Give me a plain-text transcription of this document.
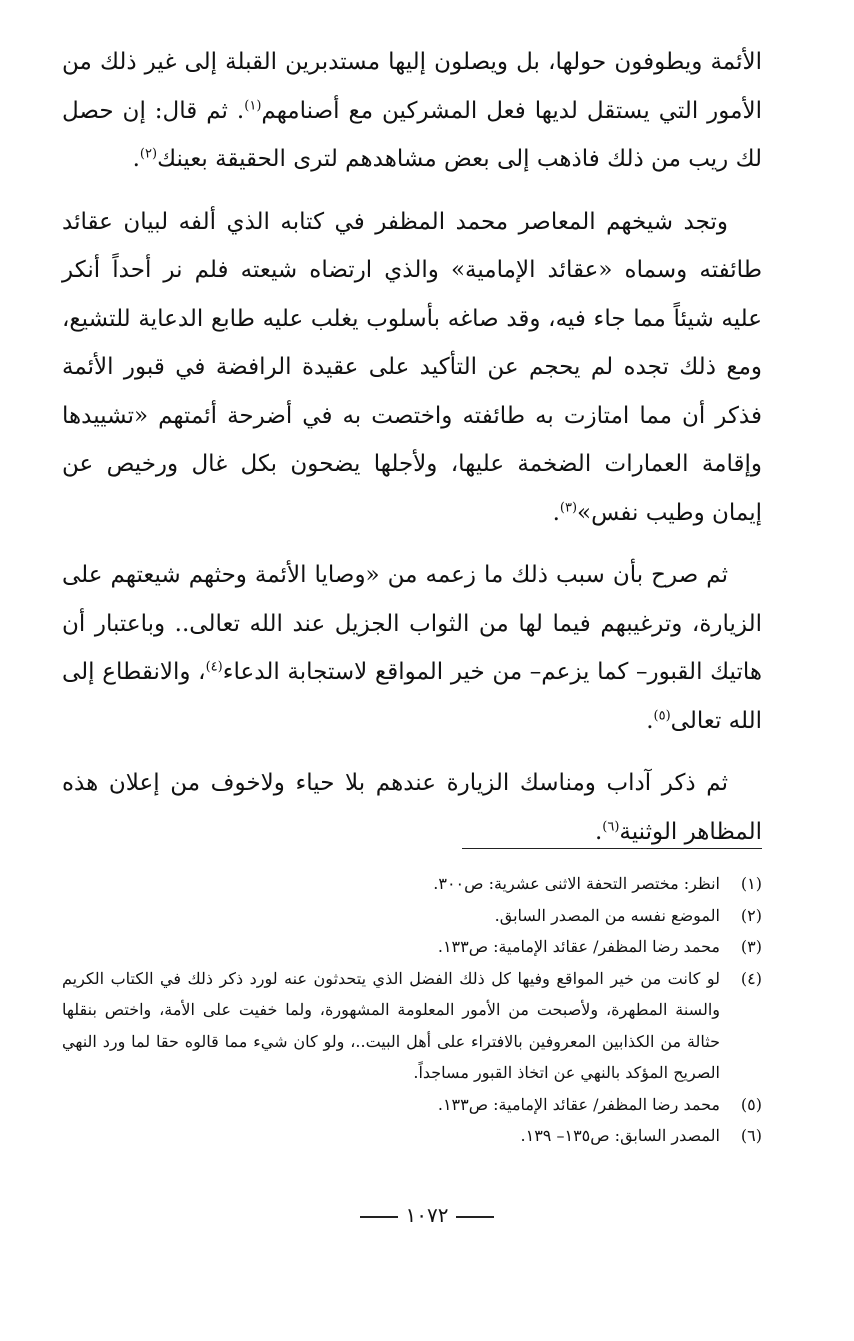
الأئمة ويطوفون حولها، بل ويصلون إليها مستدبرين القبلة إلى غير ذلك من الأمور التي يستقل لديها فعل المشركين مع أصنامهم$^{(١)}$. ثم قال: إن حصل لك ريب من ذلك فاذهب إلى بعض مشاهدهم لترى الحقيقة بعينك$^{(٢)}$.

وتجد شيخهم المعاصر محمد المظفر في كتابه الذي ألفه لبيان عقائد طائفته وسماه «عقائد الإمامية» والذي ارتضاه شيعته فلم نر أحداً أنكر عليه شيئاً مما جاء فيه، وقد صاغه بأسلوب يغلب عليه طابع الدعاية للتشيع، ومع ذلك تجده لم يحجم عن التأكيد على عقيدة الرافضة في قبور الأئمة فذكر أن مما امتازت به طائفته واختصت به في أضرحة أئمتهم «تشييدها وإقامة العمارات الضخمة عليها، ولأجلها يضحون بكل غال ورخيص عن إيمان وطيب نفس»$^{(٣)}$.

ثم صرح بأن سبب ذلك ما زعمه من «وصايا الأئمة وحثهم شيعتهم على الزيارة، وترغيبهم فيما لها من الثواب الجزيل عند الله تعالى.. وباعتبار أن هاتيك القبور– كما يزعم– من خير المواقع لاستجابة الدعاء$^{(٤)}$، والانقطاع إلى الله تعالى$^{(٥)}$.

ثم ذكر آداب ومناسك الزيارة عندهم بلا حياء ولاخوف من إعلان هذه المظاهر الوثنية$^{(٦)}$.

(١)
انظر: مختصر التحفة الاثنى عشرية: ص٣٠٠.
(٢)
الموضع نفسه من المصدر السابق.
(٣)
محمد رضا المظفر/ عقائد الإمامية: ص١٣٣.
(٤)
لو كانت من خير المواقع وفيها كل ذلك الفضل الذي يتحدثون عنه لورد ذكر ذلك في الكتاب الكريم والسنة المطهرة، ولأصبحت من الأمور المعلومة المشهورة، ولما خفيت على الأمة، واختص بنقلها حثالة من الكذابين المعروفين بالافتراء على أهل البيت..، ولو كان شيء مما قالوه حقا لما ورد النهي الصريح المؤكد بالنهي عن اتخاذ القبور مساجداً.
(٥)
محمد رضا المظفر/ عقائد الإمامية: ص١٣٣.
(٦)
المصدر السابق: ص١٣٥– ١٣٩.
١٠٧٢
